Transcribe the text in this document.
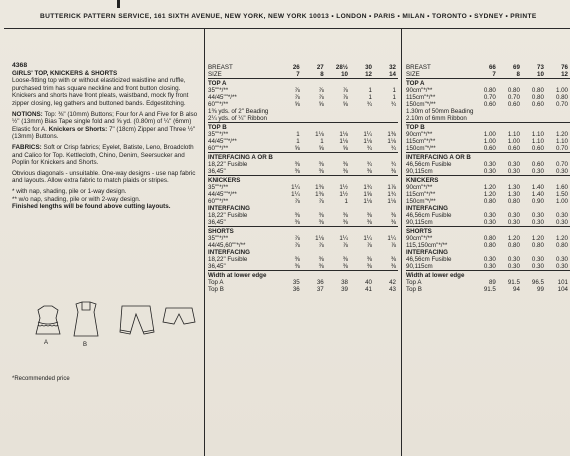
BUTTERICK PATTERN SERVICE, 161 SIXTH AVENUE, NEW YORK, NEW YORK 10013 • LONDON • PARIS • MILAN • TORONTO • SYDNEY • PRINTE

4368

GIRLS' TOP, KNICKERS & SHORTS

Loose-fitting top with or without elasticized waistline and ruffle, purchased trim has square neckline and front button closing. Knickers and shorts have front pleats, waistband, mock fly front zipper closing, leg gathers and buttoned bands. Edgestitching.

NOTIONS: Top: ⅜" (10mm) Buttons; Four for A and Five for B also ½" (13mm) Bias Tape single fold and ⅝ yd. (0.80m) of ¼" (6mm) Elastic for A. Knickers or Shorts: 7" (18cm) Zipper and Three ½" (13mm) Buttons.

FABRICS: Soft or Crisp fabrics; Eyelet, Batiste, Leno, Broadcloth and Calico for Top. Kettlecloth, Chino, Denim, Seersucker and Poplin for Knickers and Shorts.

Obvious diagonals - unsuitable. One-way designs - use nap fabric and layouts. Allow extra fabric to match plaids or stripes.

* with nap, shading, pile or 1-way design.

** w/o nap, shading, pile or with 2-way design.

Finished lengths will be found above cutting layouts.

A	B
*Recommended price
BREAST	26	27	28½	30	32
SIZE	7	8	10	12	14
TOP A					
35""*/**	⅞	⅞	⅞	1	1
44/45""*/**	⅞	⅞	⅞	1	1
60""*/**	⅝	⅝	⅝	¾	¾
1⅜ yds. of 2" Beading					
2¼ yds. of ¼" Ribbon					
TOP B					
35""*/**	1	1⅛	1⅛	1¼	1⅜
44/45""*/**	1	1	1⅛	1⅛	1⅛
60""*/**	⅝	⅝	⅝	¾	¾
INTERFACING A OR B					
18,22" Fusible	⅜	⅜	⅜	¾	¾
36,45"	⅜	⅜	⅜	⅜	⅜
KNICKERS					
35""*/**	1¼	1⅜	1½	1¾	1⅞
44/45""*/**	1¼	1⅜	1½	1⅝	1¾
60""*/**	⅞	⅞	1	1⅛	1⅛
INTERFACING					
18,22" Fusible	⅜	⅜	⅜	⅜	⅜
36,45"	⅜	⅜	⅜	⅜	⅜
SHORTS					
35""*/**	⅞	1⅛	1¼	1¼	1¼
44/45,60""*/**	⅞	⅞	⅞	⅞	⅞
INTERFACING					
18,22" Fusible	⅜	⅜	⅜	⅜	⅜
36,45"	⅜	⅜	⅜	⅜	⅜
Width at lower edge					
Top A	35	36	38	40	42
Top B	36	37	39	41	43
BREAST	66	69	73	76
SIZE	7	8	10	12
TOP A				
90cm"*/**	0.80	0.80	0.80	1.00
115cm"*/**	0.70	0.70	0.80	0.80
150cm"*/**	0.60	0.60	0.60	0.70
1.30m of 50mm Beading				
2.10m of 6mm Ribbon				
TOP B				
90cm"*/**	1.00	1.10	1.10	1.20
115cm"*/**	1.00	1.00	1.10	1.10
150cm"*/**	0.60	0.60	0.60	0.70
INTERFACING A OR B				
46,56cm Fusible	0.30	0.30	0.60	0.70
90,115cm	0.30	0.30	0.30	0.30
KNICKERS				
90cm"*/**	1.20	1.30	1.40	1.60
115cm"*/**	1.20	1.30	1.40	1.50
150cm"*/**	0.80	0.80	0.90	1.00
INTERFACING				
46,56cm Fusible	0.30	0.30	0.30	0.30
90,115cm	0.30	0.30	0.30	0.30
SHORTS				
90cm"*/**	0.80	1.20	1.20	1.20
115,150cm"*/**	0.80	0.80	0.80	0.80
INTERFACING				
46,56cm Fusible	0.30	0.30	0.30	0.30
90,115cm	0.30	0.30	0.30	0.30
Width at lower edge				
Top A	89	91.5	96.5	101
Top B	91.5	94	99	104
